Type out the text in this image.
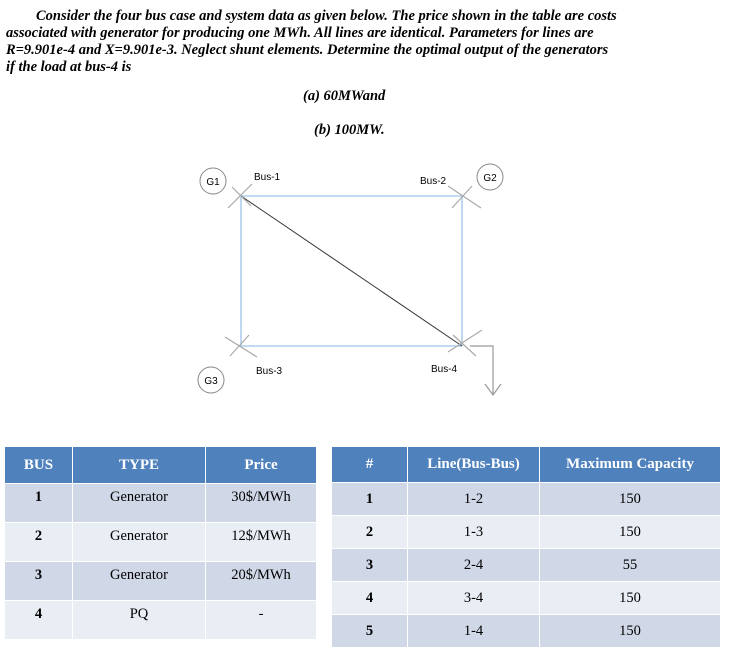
Consider the four bus case and system data as given below. The price shown in the table are costs

associated with generator for producing one MWh. All lines are identical. Parameters for lines are

R=9.901e-4 and X=9.901e-3. Neglect shunt elements. Determine the optimal output of the generators

if the load at bus-4 is

(a) 60MWand
(b) 100MW.
G1	G2
G3
Bus-1	Bus-2
Bus-3	Bus-4
BUS	TYPE	Price
1	Generator	30$/MWh
2	Generator	12$/MWh
3	Generator	20$/MWh
4	PQ	-
#	Line(Bus-Bus)	Maximum Capacity
1	1-2	150
2	1-3	150
3	2-4	55
4	3-4	150
5	1-4	150
